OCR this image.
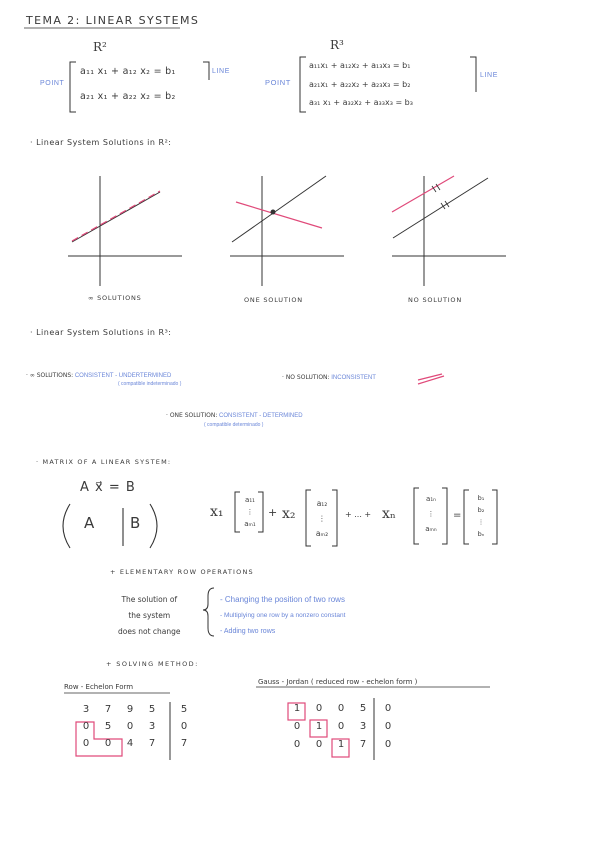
TEMA 2: LINEAR SYSTEMS
R²	R³
POINT
a₁₁ x₁ + a₁₂ x₂ = b₁
a₂₁ x₁ + a₂₂ x₂ = b₂
LINE
POINT
a₁₁x₁ + a₁₂x₂ + a₁₃x₃ = b₁
a₂₁x₁ + a₂₂x₂ + a₂₃x₃ = b₂
a₃₁ x₁ + a₃₂x₂ + a₃₃x₃ = b₃
LINE
· Linear System Solutions in R²:
∞ SOLUTIONS	ONE SOLUTION	NO SOLUTION
· Linear System Solutions in R³:
· ∞ SOLUTIONS: CONSISTENT - UNDERTERMINED
( compatible indeterminado )
· NO SOLUTION: INCONSISTENT
· ONE SOLUTION: CONSISTENT - DETERMINED
( compatible determinado )
· MATRIX OF A LINEAR SYSTEM:
A x⃗ = B
A B
x₁
a₁₁
⋮
aₘ₁
+ x₂
a₁₂
⋮
aₘ₂
+ ... + xₙ
a₁ₙ
⋮
aₘₙ
=
b₁
b₂
⋮
bₙ
+ ELEMENTARY ROW OPERATIONS
The solution of
the system
does not change
- Changing the position of two rows
- Multiplying one row by a nonzero constant
- Adding two rows
+ SOLVING METHOD:
Row - Echelon Form
Gauss - Jordan ( reduced row - echelon form )
3 7 9 5	5
0 5 0 3	0
0 0 4 7	7
1 0 0 5 0
0 1 0 3 0
0 0 1 7 0
